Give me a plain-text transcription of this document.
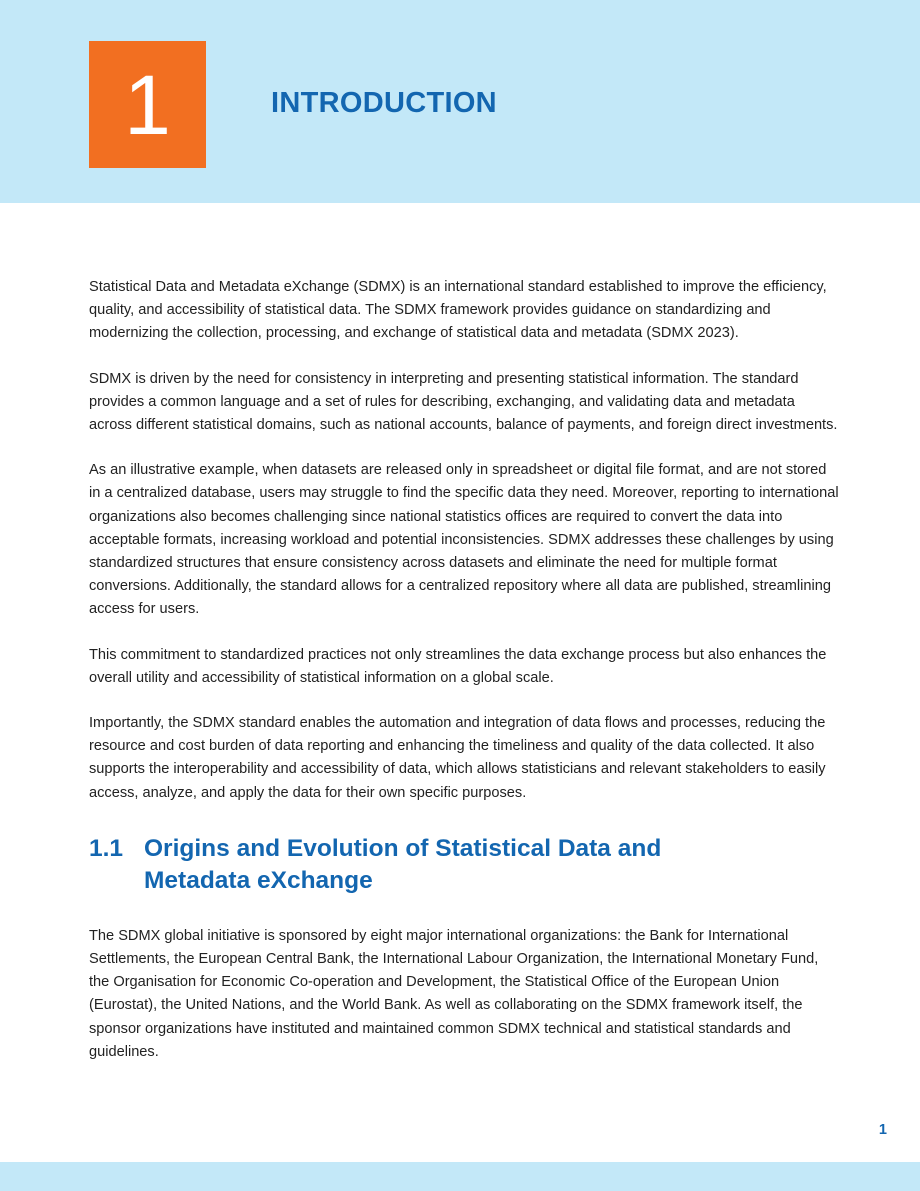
1	INTRODUCTION

Statistical Data and Metadata eXchange (SDMX) is an international standard established to improve the efficiency, quality, and accessibility of statistical data. The SDMX framework provides guidance on standardizing and modernizing the collection, processing, and exchange of statistical data and metadata (SDMX 2023).

SDMX is driven by the need for consistency in interpreting and presenting statistical information. The standard provides a common language and a set of rules for describing, exchanging, and validating data and metadata across different statistical domains, such as national accounts, balance of payments, and foreign direct investments.

As an illustrative example, when datasets are released only in spreadsheet or digital file format, and are not stored in a centralized database, users may struggle to find the specific data they need. Moreover, reporting to international organizations also becomes challenging since national statistics offices are required to convert the data into acceptable formats, increasing workload and potential inconsistencies. SDMX addresses these challenges by using standardized structures that ensure consistency across datasets and eliminate the need for multiple format conversions. Additionally, the standard allows for a centralized repository where all data are published, streamlining access for users.

This commitment to standardized practices not only streamlines the data exchange process but also enhances the overall utility and accessibility of statistical information on a global scale.

Importantly, the SDMX standard enables the automation and integration of data flows and processes, reducing the resource and cost burden of data reporting and enhancing the timeliness and quality of the data collected. It also supports the interoperability and accessibility of data, which allows statisticians and relevant stakeholders to easily access, analyze, and apply the data for their own specific purposes.

1.1 Origins and Evolution of Statistical Data and Metadata eXchange

The SDMX global initiative is sponsored by eight major international organizations: the Bank for International Settlements, the European Central Bank, the International Labour Organization, the International Monetary Fund, the Organisation for Economic Co-operation and Development, the Statistical Office of the European Union (Eurostat), the United Nations, and the World Bank. As well as collaborating on the SDMX framework itself, the sponsor organizations have instituted and maintained common SDMX technical and statistical standards and guidelines.

1
